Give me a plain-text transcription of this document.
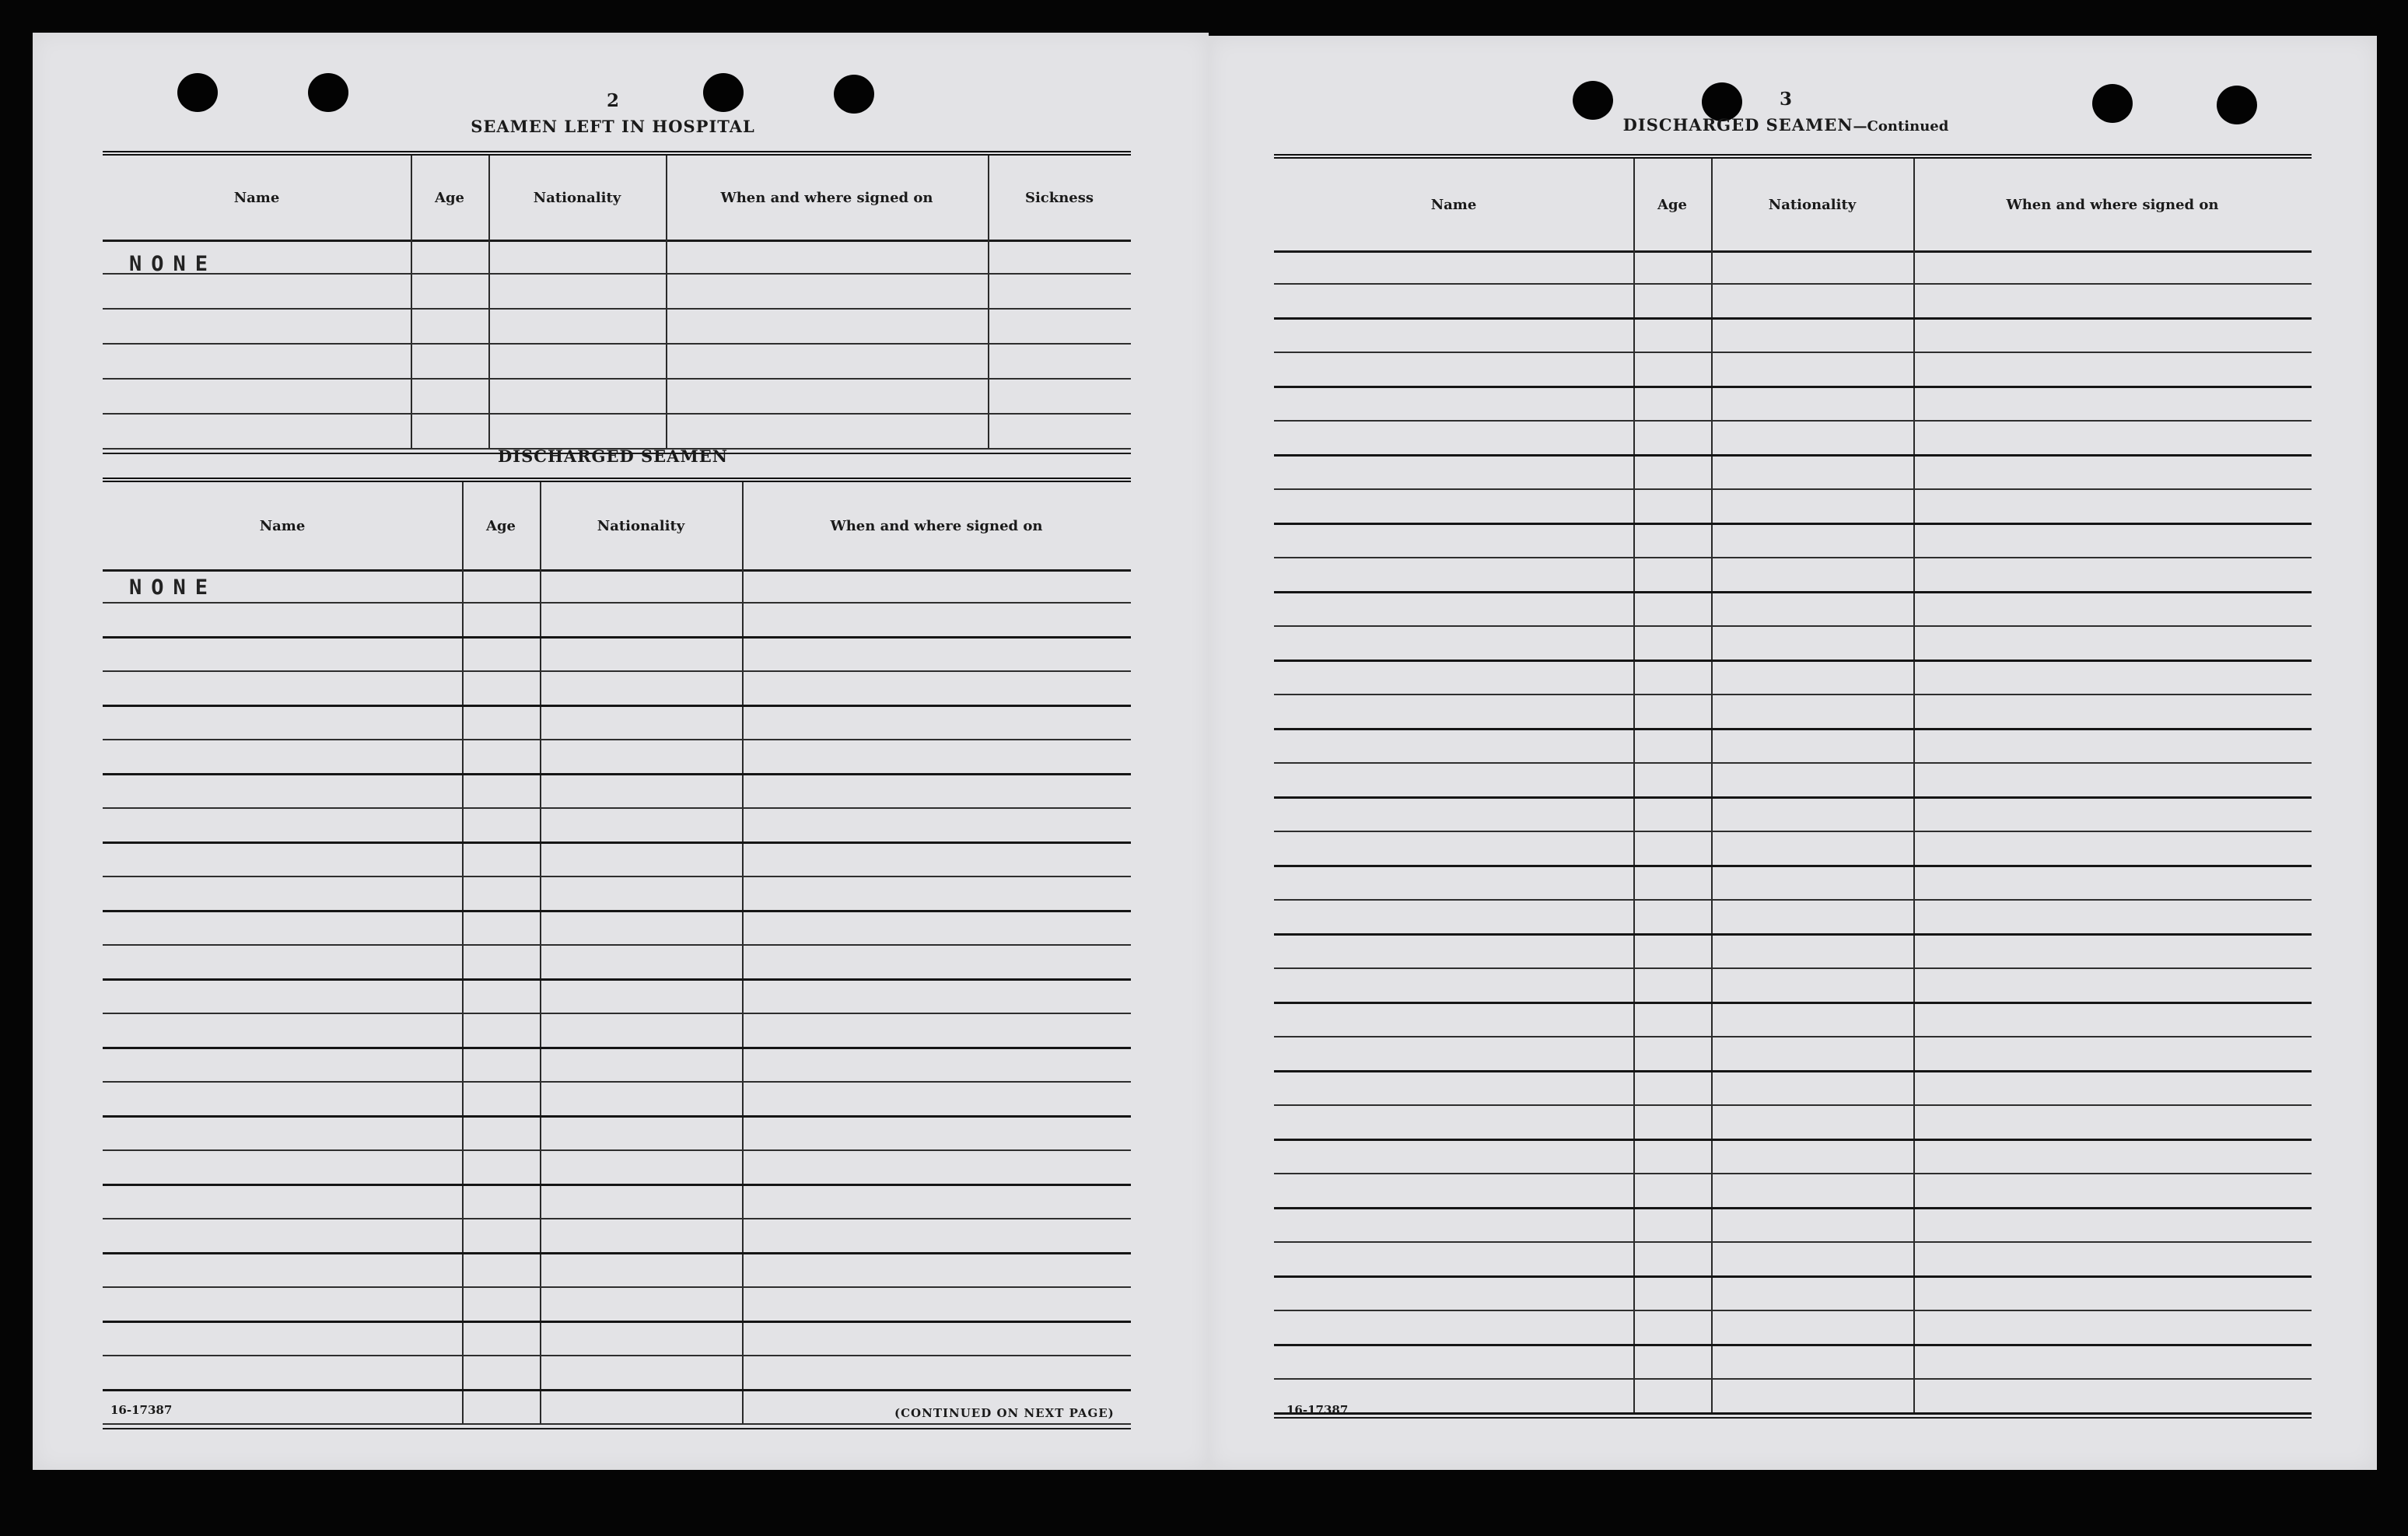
2
SEAMEN LEFT IN HOSPITAL
Name	Age	Nationality	When and where signed on	Sickness
NONE
DISCHARGED SEAMEN
Name	Age	Nationality	When and where signed on
NONE
16-17387	(CONTINUED ON NEXT PAGE)
3
DISCHARGED SEAMEN—Continued
Name	Age	Nationality	When and where signed on
16-17387
